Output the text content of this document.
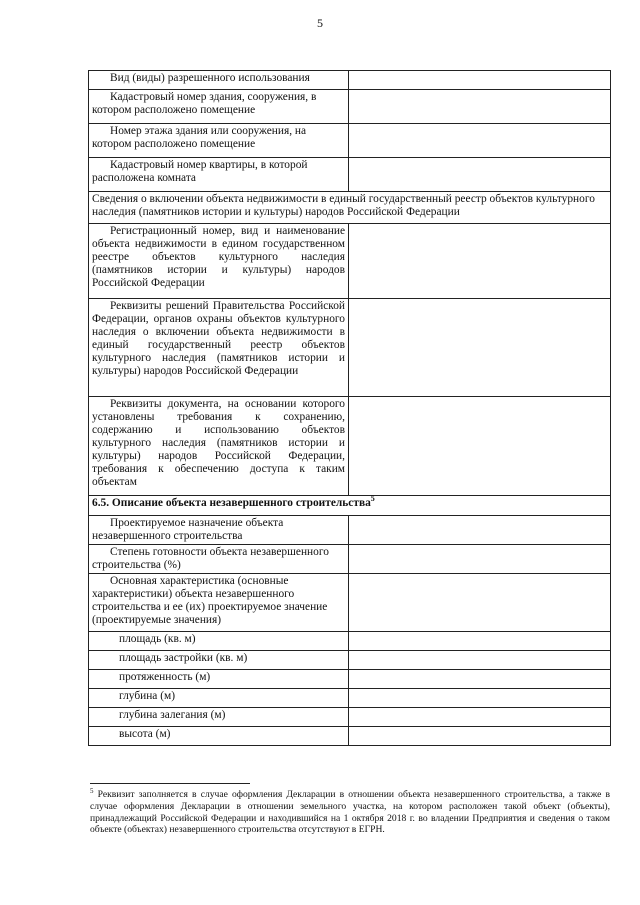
5
Вид (виды) разрешенного использования	
Кадастровый номер здания, сооружения, в котором расположено помещение	
Номер этажа здания или сооружения, на котором расположено помещение	
Кадастровый номер квартиры, в которой расположена комната	
Сведения о включении объекта недвижимости в единый государственный реестр объектов культурного наследия (памятников истории и культуры) народов Российской Федерации	
Регистрационный номер, вид и наименование объекта недвижимости в едином государственном реестре объектов культурного наследия (памятников истории и культуры) народов Российской Федерации	
Реквизиты решений Правительства Российской Федерации, органов охраны объектов культурного наследия о включении объекта недвижимости в единый государственный реестр объектов культурного наследия (памятников истории и культуры) народов Российской Федерации	
Реквизиты документа, на основании которого установлены требования к сохранению, содержанию и использованию объектов культурного наследия (памятников истории и культуры) народов Российской Федерации, требования к обеспечению доступа к таким объектам	
6.5. Описание объекта незавершенного строительства$^5$
Проектируемое назначение объекта незавершенного строительства	
Степень готовности объекта незавершенного строительства (%)	
Основная характеристика (основные характеристики) объекта незавершенного строительства и ее (их) проектируемое значение (проектируемые значения)	
площадь (кв. м)	
площадь застройки (кв. м)	
протяженность (м)	
глубина (м)	
глубина залегания (м)	
высота (м)	
$^5$ Реквизит заполняется в случае оформления Декларации в отношении объекта незавершенного строительства, а также в случае оформления Декларации в отношении земельного участка, на котором расположен такой объект (объекты), принадлежащий Российской Федерации и находившийся на 1 октября 2018 г. во владении Предприятия и сведения о таком объекте (объектах) незавершенного строительства отсутствуют в ЕГРН.
